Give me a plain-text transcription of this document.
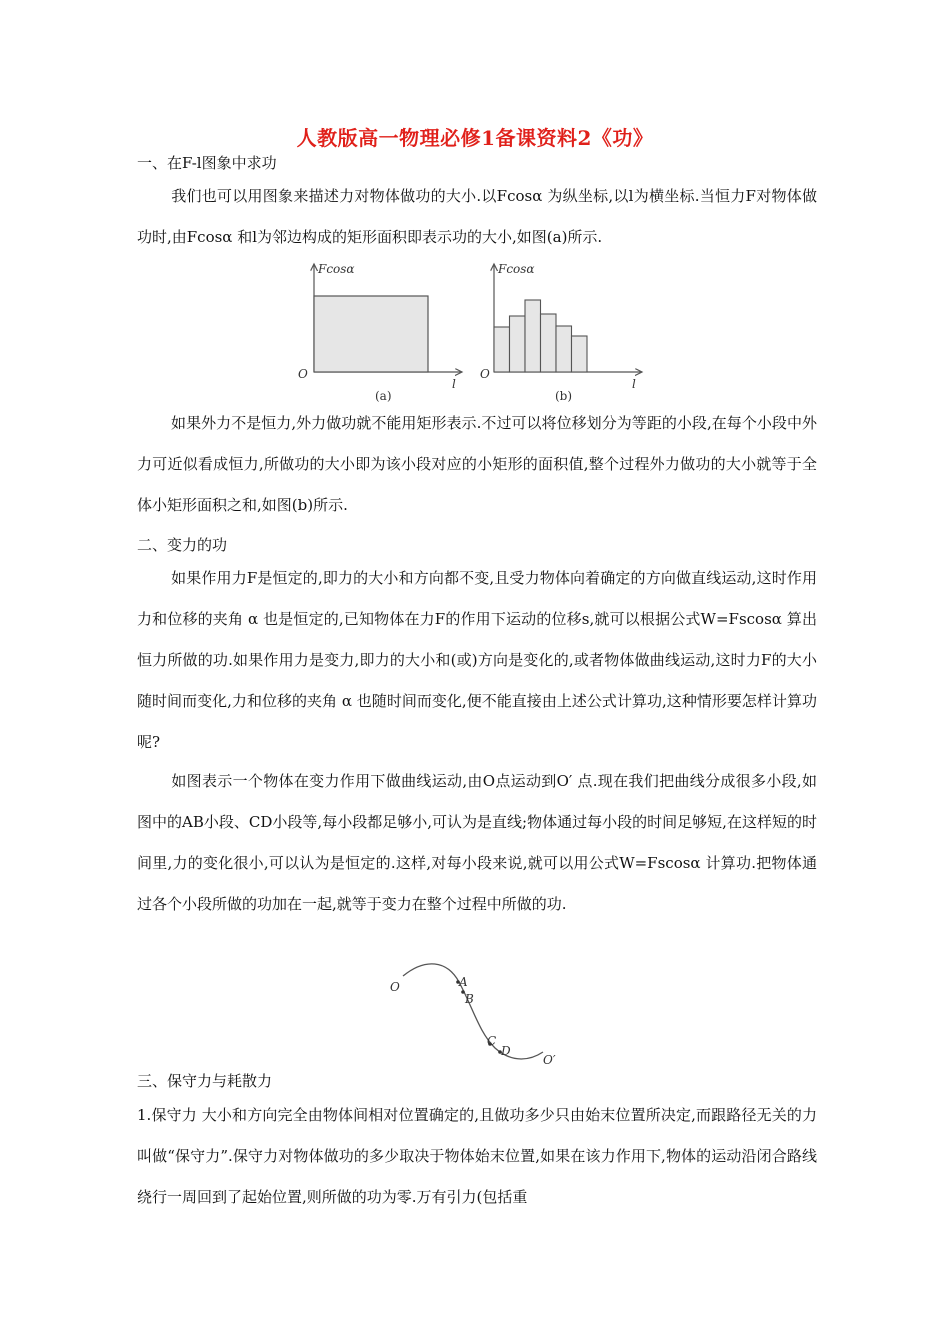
人教版高一物理必修1备课资料2《功》
一、在F-l图象中求功
我们也可以用图象来描述力对物体做功的大小.以Fcosα 为纵坐标,以l为横坐标.当恒力F对物体做功时,由Fcosα 和l为邻边构成的矩形面积即表示功的大小,如图(a)所示.
Fcosα
O
l
(a)
Fcosα
O
l
(b)
如果外力不是恒力,外力做功就不能用矩形表示.不过可以将位移划分为等距的小段,在每个小段中外力可近似看成恒力,所做功的大小即为该小段对应的小矩形的面积值,整个过程外力做功的大小就等于全体小矩形面积之和,如图(b)所示.
二、变力的功
如果作用力F是恒定的,即力的大小和方向都不变,且受力物体向着确定的方向做直线运动,这时作用力和位移的夹角 α 也是恒定的,已知物体在力F的作用下运动的位移s,就可以根据公式W=Fscosα 算出恒力所做的功.如果作用力是变力,即力的大小和(或)方向是变化的,或者物体做曲线运动,这时力F的大小随时间而变化,力和位移的夹角 α 也随时间而变化,便不能直接由上述公式计算功,这种情形要怎样计算功呢?
如图表示一个物体在变力作用下做曲线运动,由O点运动到O′ 点.现在我们把曲线分成很多小段,如图中的AB小段、CD小段等,每小段都足够小,可认为是直线;物体通过每小段的时间足够短,在这样短的时间里,力的变化很小,可以认为是恒定的.这样,对每小段来说,就可以用公式W=Fscosα 计算功.把物体通过各个小段所做的功加在一起,就等于变力在整个过程中所做的功.
O	A
B
C
D
O′
三、保守力与耗散力
1.保守力 大小和方向完全由物体间相对位置确定的,且做功多少只由始末位置所决定,而跟路径无关的力叫做“保守力”.保守力对物体做功的多少取决于物体始末位置,如果在该力作用下,物体的运动沿闭合路线绕行一周回到了起始位置,则所做的功为零.万有引力(包括重
